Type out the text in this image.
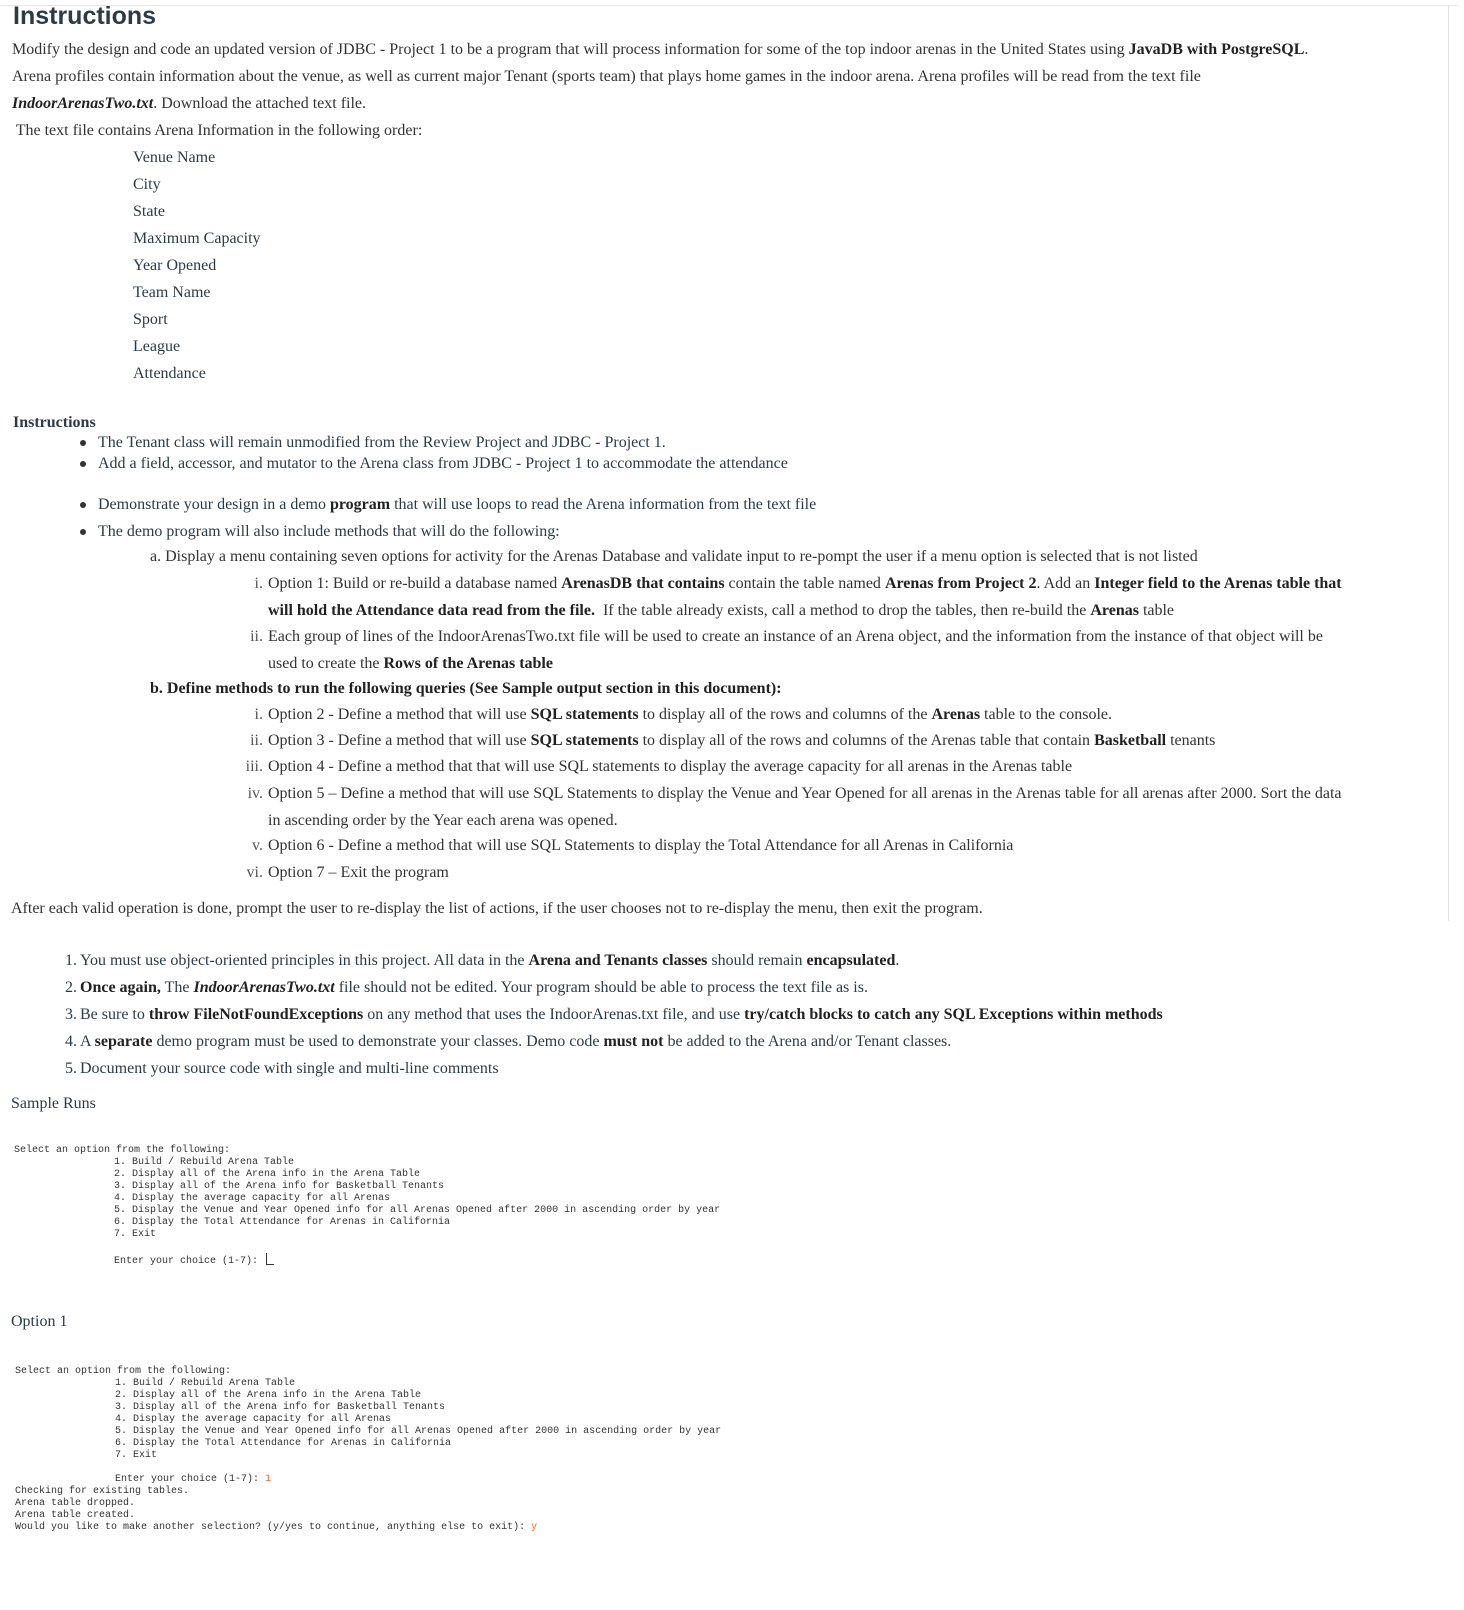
Instructions
Modify the design and code an updated version of JDBC - Project 1 to be a program that will process information for some of the top indoor arenas in the United States using JavaDB with PostgreSQL.
Arena profiles contain information about the venue, as well as current major Tenant (sports team) that plays home games in the indoor arena. Arena profiles will be read from the text file
IndoorArenasTwo.txt. Download the attached text file.
The text file contains Arena Information in the following order:
Venue Name
City
State
Maximum Capacity
Year Opened
Team Name
Sport
League
Attendance
Instructions
The Tenant class will remain unmodified from the Review Project and JDBC - Project 1.
Add a field, accessor, and mutator to the Arena class from JDBC - Project 1 to accommodate the attendance
Demonstrate your design in a demo program that will use loops to read the Arena information from the text file
The demo program will also include methods that will do the following:
a. Display a menu containing seven options for activity for the Arenas Database and validate input to re-pompt the user if a menu option is selected that is not listed
i. Option 1: Build or re-build a database named ArenasDB that contains contain the table named Arenas from Project 2. Add an Integer field to the Arenas table that
will hold the Attendance data read from the file.  If the table already exists, call a method to drop the tables, then re-build the Arenas table
ii. Each group of lines of the IndoorArenasTwo.txt file will be used to create an instance of an Arena object, and the information from the instance of that object will be
used to create the Rows of the Arenas table
b. Define methods to run the following queries (See Sample output section in this document):
i. Option 2 - Define a method that will use SQL statements to display all of the rows and columns of the Arenas table to the console.
ii. Option 3 - Define a method that will use SQL statements to display all of the rows and columns of the Arenas table that contain Basketball tenants
iii. Option 4 - Define a method that that will use SQL statements to display the average capacity for all arenas in the Arenas table
iv. Option 5 – Define a method that will use SQL Statements to display the Venue and Year Opened for all arenas in the Arenas table for all arenas after 2000. Sort the data
in ascending order by the Year each arena was opened.
v. Option 6 - Define a method that will use SQL Statements to display the Total Attendance for all Arenas in California
vi. Option 7 – Exit the program
After each valid operation is done, prompt the user to re-display the list of actions, if the user chooses not to re-display the menu, then exit the program.
1. You must use object-oriented principles in this project. All data in the Arena and Tenants classes should remain encapsulated.
2. Once again, The IndoorArenasTwo.txt file should not be edited. Your program should be able to process the text file as is.
3. Be sure to throw FileNotFoundExceptions on any method that uses the IndoorArenas.txt file, and use try/catch blocks to catch any SQL Exceptions within methods
4. A separate demo program must be used to demonstrate your classes. Demo code must not be added to the Arena and/or Tenant classes.
5. Document your source code with single and multi-line comments
Sample Runs
Select an option from the following:
1. Build / Rebuild Arena Table
2. Display all of the Arena info in the Arena Table
3. Display all of the Arena info for Basketball Tenants
4. Display the average capacity for all Arenas
5. Display the Venue and Year Opened info for all Arenas Opened after 2000 in ascending order by year
6. Display the Total Attendance for Arenas in California
7. Exit

Enter your choice (1-7):
Option 1
Select an option from the following:
1. Build / Rebuild Arena Table
2. Display all of the Arena info in the Arena Table
3. Display all of the Arena info for Basketball Tenants
4. Display the average capacity for all Arenas
5. Display the Venue and Year Opened info for all Arenas Opened after 2000 in ascending order by year
6. Display the Total Attendance for Arenas in California
7. Exit

Enter your choice (1-7): 1
Checking for existing tables.
Arena table dropped.
Arena table created.
Would you like to make another selection? (y/yes to continue, anything else to exit): y
